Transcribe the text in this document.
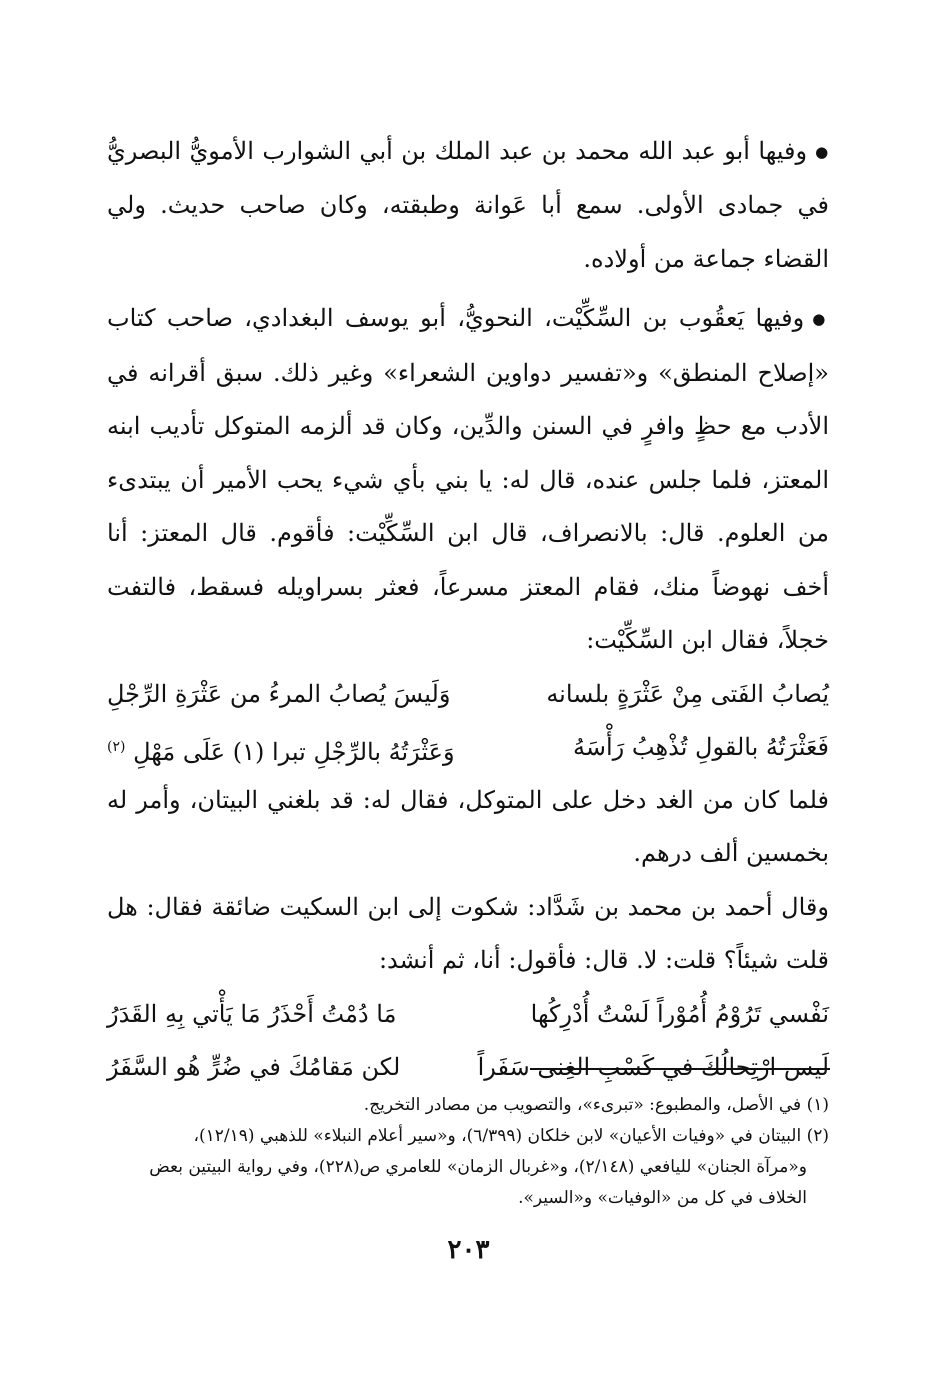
●وفيها أبو عبد الله محمد بن عبد الملك بن أبي الشوارب الأمويُّ البصريُّ في جمادى الأولى. سمع أبا عَوانة وطبقته، وكان صاحب حديث. ولي القضاء جماعة من أولاده.

●وفيها يَعقُوب بن السِّكِّيْت، النحويُّ، أبو يوسف البغدادي، صاحب كتاب «إصلاح المنطق» و«تفسير دواوين الشعراء» وغير ذلك. سبق أقرانه في الأدب مع حظٍ وافرٍ في السنن والدِّين، وكان قد ألزمه المتوكل تأديب ابنه المعتز، فلما جلس عنده، قال له: يا بني بأي شيء يحب الأمير أن يبتدىء من العلوم. قال: بالانصراف، قال ابن السِّكِّيْت: فأقوم. قال المعتز: أنا أخف نهوضاً منك، فقام المعتز مسرعاً، فعثر بسراويله فسقط، فالتفت خجلاً، فقال ابن السِّكِّيْت:

يُصابُ الفَتى مِنْ عَثْرَةٍ بلسانه
وَلَيسَ يُصابُ المرءُ من عَثْرَةِ الرِّجْلِ
فَعَثْرَتُهُ بالقولِ تُذْهِبُ رَأْسَهُ
وَعَثْرَتُهُ بالرِّجْلِ تبرا (١) عَلَى مَهْلِ $^{(٢)}$

فلما كان من الغد دخل على المتوكل، فقال له: قد بلغني البيتان، وأمر له بخمسين ألف درهم.

وقال أحمد بن محمد بن شَدَّاد: شكوت إلى ابن السكيت ضائقة فقال: هل قلت شيئاً؟ قلت: لا. قال: فأقول: أنا، ثم أنشد:

نَفْسي تَرُوْمُ أُمُوْراً لَسْتُ أُدْرِكُها
مَا دُمْتُ أَحْذَرُ مَا يَأْتي بِهِ القَدَرُ
لَيس ارْتِحالُكَ في كَسْبِ الغِنى سَفَراً
لكن مَقامُكَ في ضُرٍّ هُو السَّفَرُ

(١) في الأصل، والمطبوع: «تبرىء»، والتصويب من مصادر التخريج.

(٢) البيتان في «وفيات الأعيان» لابن خلكان (٦/٣٩٩)، و«سير أعلام النبلاء» للذهبي (١٢/١٩)،

و«مرآة الجنان» لليافعي (٢/١٤٨)، و«غربال الزمان» للعامري ص(٢٢٨)، وفي رواية البيتين بعض الخلاف في كل من «الوفيات» و«السير».

٢٠٣
